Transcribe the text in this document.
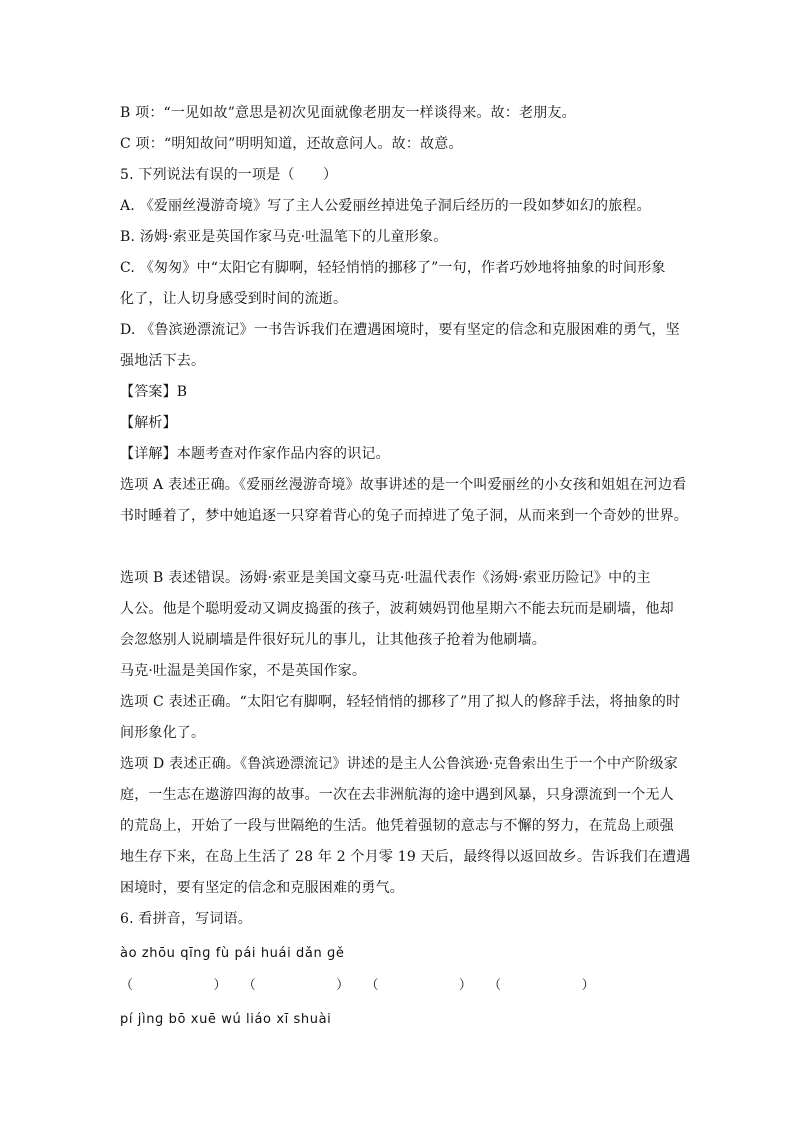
B 项：“一见如故”意思是初次见面就像老朋友一样谈得来。故：老朋友。
C 项：“明知故问”明明知道，还故意问人。故：故意。
5. 下列说法有误的一项是（　　）
A. 《爱丽丝漫游奇境》写了主人公爱丽丝掉进兔子洞后经历的一段如梦如幻的旅程。
B. 汤姆·索亚是英国作家马克·吐温笔下的儿童形象。
C. 《匆匆》中“太阳它有脚啊，轻轻悄悄的挪移了”一句，作者巧妙地将抽象的时间形象
化了，让人切身感受到时间的流逝。
D. 《鲁滨逊漂流记》一书告诉我们在遭遇困境时，要有坚定的信念和克服困难的勇气，坚
强地活下去。
【答案】B
【解析】
【详解】本题考查对作家作品内容的识记。
选项 A 表述正确。《爱丽丝漫游奇境》故事讲述的是一个叫爱丽丝的小女孩和姐姐在河边看
书时睡着了，梦中她追逐一只穿着背心的兔子而掉进了兔子洞，从而来到一个奇妙的世界。
选项 B 表述错误。汤姆·索亚是美国文豪马克·吐温代表作《汤姆·索亚历险记》中的主
人公。他是个聪明爱动又调皮捣蛋的孩子，波莉姨妈罚他星期六不能去玩而是刷墙，他却
会忽悠别人说刷墙是件很好玩儿的事儿，让其他孩子抢着为他刷墙。
马克·吐温是美国作家，不是英国作家。
选项 C 表述正确。“太阳它有脚啊，轻轻悄悄的挪移了”用了拟人的修辞手法，将抽象的时
间形象化了。
选项 D 表述正确。《鲁滨逊漂流记》讲述的是主人公鲁滨逊·克鲁索出生于一个中产阶级家
庭，一生志在遨游四海的故事。一次在去非洲航海的途中遇到风暴，只身漂流到一个无人
的荒岛上，开始了一段与世隔绝的生活。他凭着强韧的意志与不懈的努力，在荒岛上顽强
地生存下来，在岛上生活了 28 年 2 个月零 19 天后，最终得以返回故乡。告诉我们在遭遇
困境时，要有坚定的信念和克服困难的勇气。
6. 看拼音，写词语。
ào zhōu qīnɡ fù pái huái dǎn ɡě
（          ）  （          ）  （          ）  （          ）
pí jìnɡ bō xuē wú liáo xī shuài
